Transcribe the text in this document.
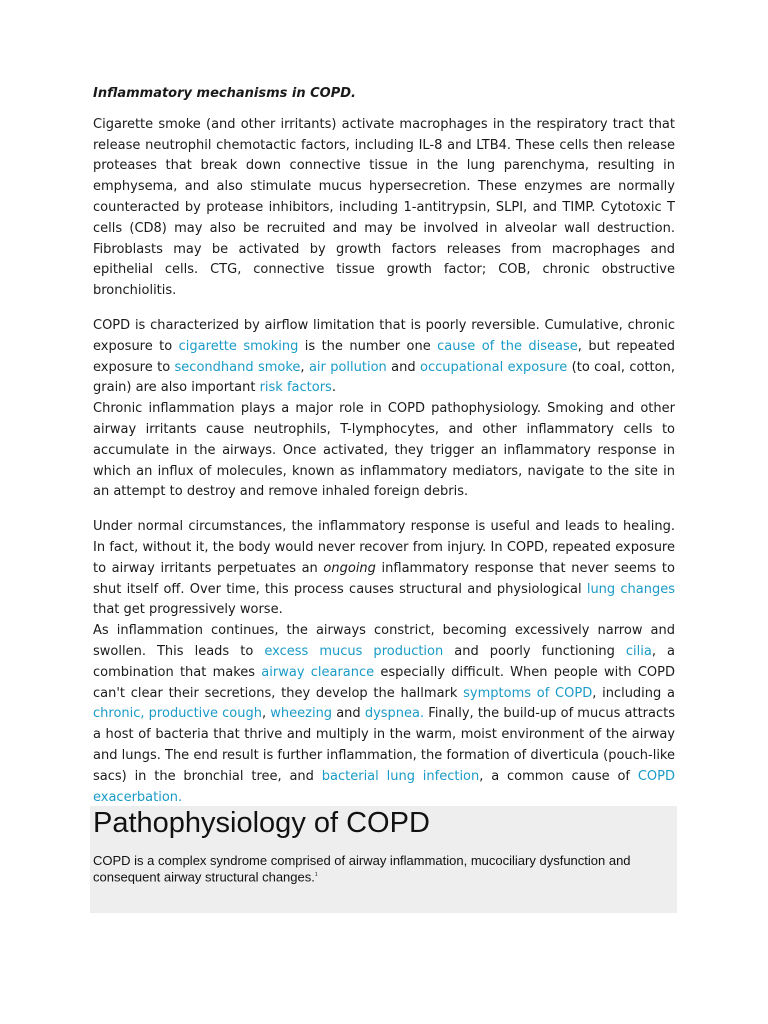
Inflammatory mechanisms in COPD.

Cigarette smoke (and other irritants) activate macrophages in the respiratory tract that release neutrophil chemotactic factors, including IL-8 and LTB4. These cells then release proteases that break down connective tissue in the lung parenchyma, resulting in emphysema, and also stimulate mucus hypersecretion. These enzymes are normally counteracted by protease inhibitors, including 1-antitrypsin, SLPI, and TIMP. Cytotoxic T cells (CD8) may also be recruited and may be involved in alveolar wall destruction. Fibroblasts may be activated by growth factors releases from macrophages and epithelial cells. CTG, connective tissue growth factor; COB, chronic obstructive bronchiolitis.

COPD is characterized by airflow limitation that is poorly reversible. Cumulative, chronic exposure to cigarette smoking is the number one cause of the disease, but repeated exposure to secondhand smoke, air pollution and occupational exposure (to coal, cotton, grain) are also important risk factors.

Chronic inflammation plays a major role in COPD pathophysiology. Smoking and other airway irritants cause neutrophils, T-lymphocytes, and other inflammatory cells to accumulate in the airways. Once activated, they trigger an inflammatory response in which an influx of molecules, known as inflammatory mediators, navigate to the site in an attempt to destroy and remove inhaled foreign debris.

Under normal circumstances, the inflammatory response is useful and leads to healing. In fact, without it, the body would never recover from injury. In COPD, repeated exposure to airway irritants perpetuates an ongoing inflammatory response that never seems to shut itself off. Over time, this process causes structural and physiological lung changes that get progressively worse.

As inflammation continues, the airways constrict, becoming excessively narrow and swollen. This leads to excess mucus production and poorly functioning cilia, a combination that makes airway clearance especially difficult. When people with COPD can't clear their secretions, they develop the hallmark symptoms of COPD, including a chronic, productive cough, wheezing and dyspnea. Finally, the build-up of mucus attracts a host of bacteria that thrive and multiply in the warm, moist environment of the airway and lungs. The end result is further inflammation, the formation of diverticula (pouch-like sacs) in the bronchial tree, and bacterial lung infection, a common cause of COPD exacerbation.

Pathophysiology of COPD
COPD is a complex syndrome comprised of airway inflammation, mucociliary dysfunction and consequent airway structural changes.$^1$
